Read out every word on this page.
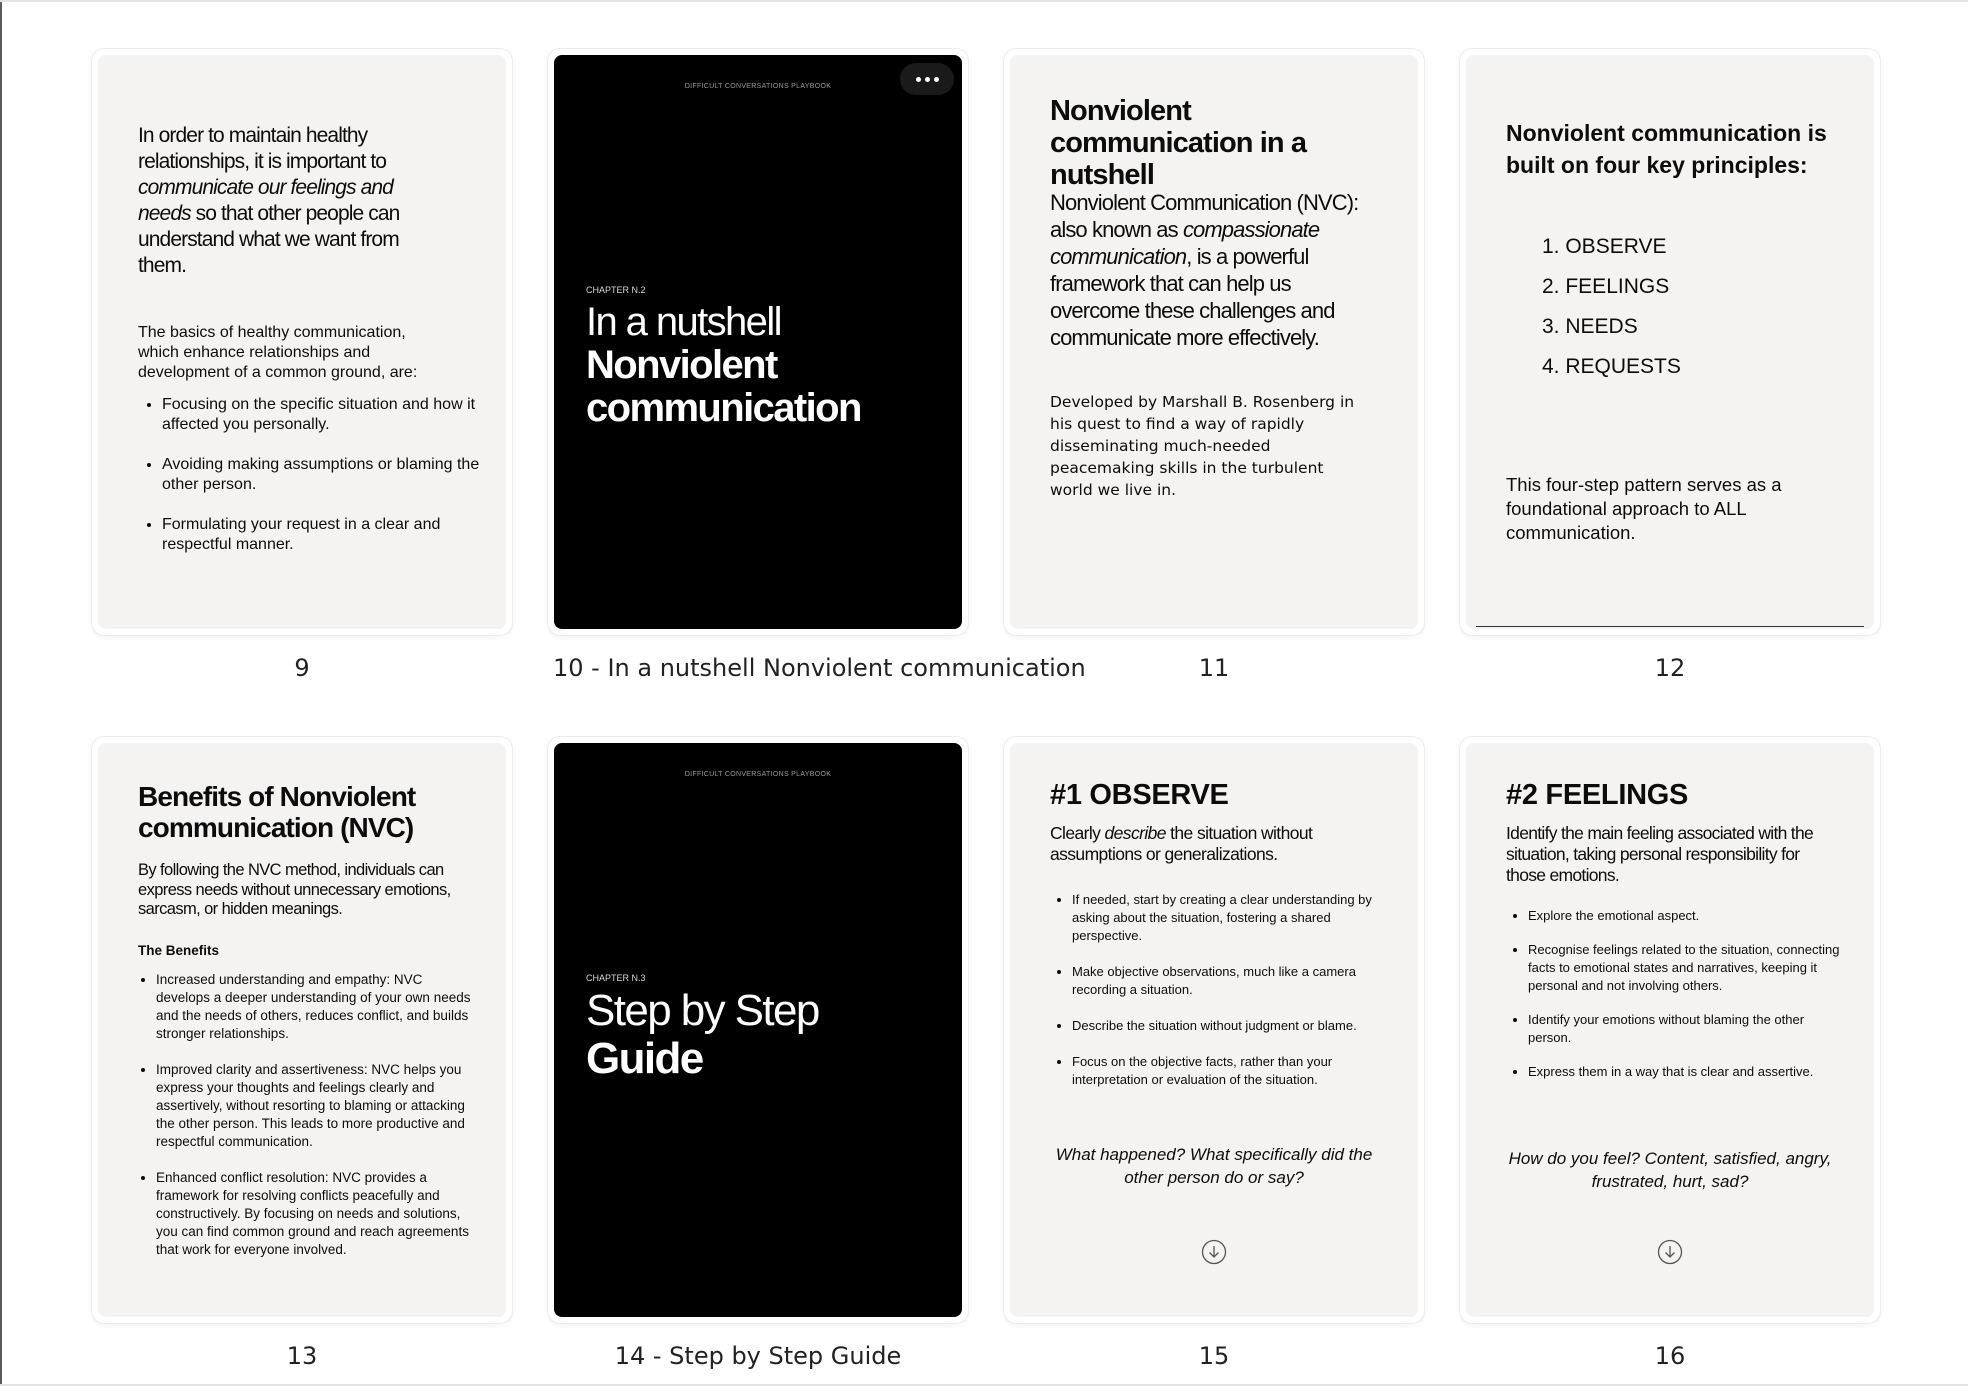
In order to maintain healthy relationships, it is important to communicate our feelings and needs so that other people can understand what we want from them.
The basics of healthy communication, which enhance relationships and development of a common ground, are:
• Focusing on the specific situation and how it affected you personally.
• Avoiding making assumptions or blaming the other person.
• Formulating your request in a clear and respectful manner.
9
DIFFICULT CONVERSATIONS PLAYBOOK
CHAPTER N.2
In a nutshell
Nonviolent communication
10 - In a nutshell Nonviolent communication
Nonviolent communication in a nutshell
Nonviolent Communication (NVC): also known as compassionate communication, is a powerful framework that can help us overcome these challenges and communicate more effectively.
Developed by Marshall B. Rosenberg in his quest to find a way of rapidly disseminating much-needed peacemaking skills in the turbulent world we live in.
11
Nonviolent communication is built on four key principles:
1. OBSERVE
2. FEELINGS
3. NEEDS
4. REQUESTS
This four-step pattern serves as a foundational approach to ALL communication.
12
Benefits of Nonviolent communication (NVC)
By following the NVC method, individuals can express needs without unnecessary emotions, sarcasm, or hidden meanings.
The Benefits
• Increased understanding and empathy: NVC develops a deeper understanding of your own needs and the needs of others, reduces conflict, and builds stronger relationships.
• Improved clarity and assertiveness: NVC helps you express your thoughts and feelings clearly and assertively, without resorting to blaming or attacking the other person. This leads to more productive and respectful communication.
• Enhanced conflict resolution: NVC provides a framework for resolving conflicts peacefully and constructively. By focusing on needs and solutions, you can find common ground and reach agreements that work for everyone involved.
13
DIFFICULT CONVERSATIONS PLAYBOOK
CHAPTER N.3
Step by Step
Guide
14 - Step by Step Guide
#1 OBSERVE
Clearly describe the situation without assumptions or generalizations.
• If needed, start by creating a clear understanding by asking about the situation, fostering a shared perspective.
• Make objective observations, much like a camera recording a situation.
• Describe the situation without judgment or blame.
• Focus on the objective facts, rather than your interpretation or evaluation of the situation.
What happened? What specifically did the other person do or say?
15
#2 FEELINGS
Identify the main feeling associated with the situation, taking personal responsibility for those emotions.
• Explore the emotional aspect.
• Recognise feelings related to the situation, connecting facts to emotional states and narratives, keeping it personal and not involving others.
• Identify your emotions without blaming the other person.
• Express them in a way that is clear and assertive.
How do you feel? Content, satisfied, angry, frustrated, hurt, sad?
16
